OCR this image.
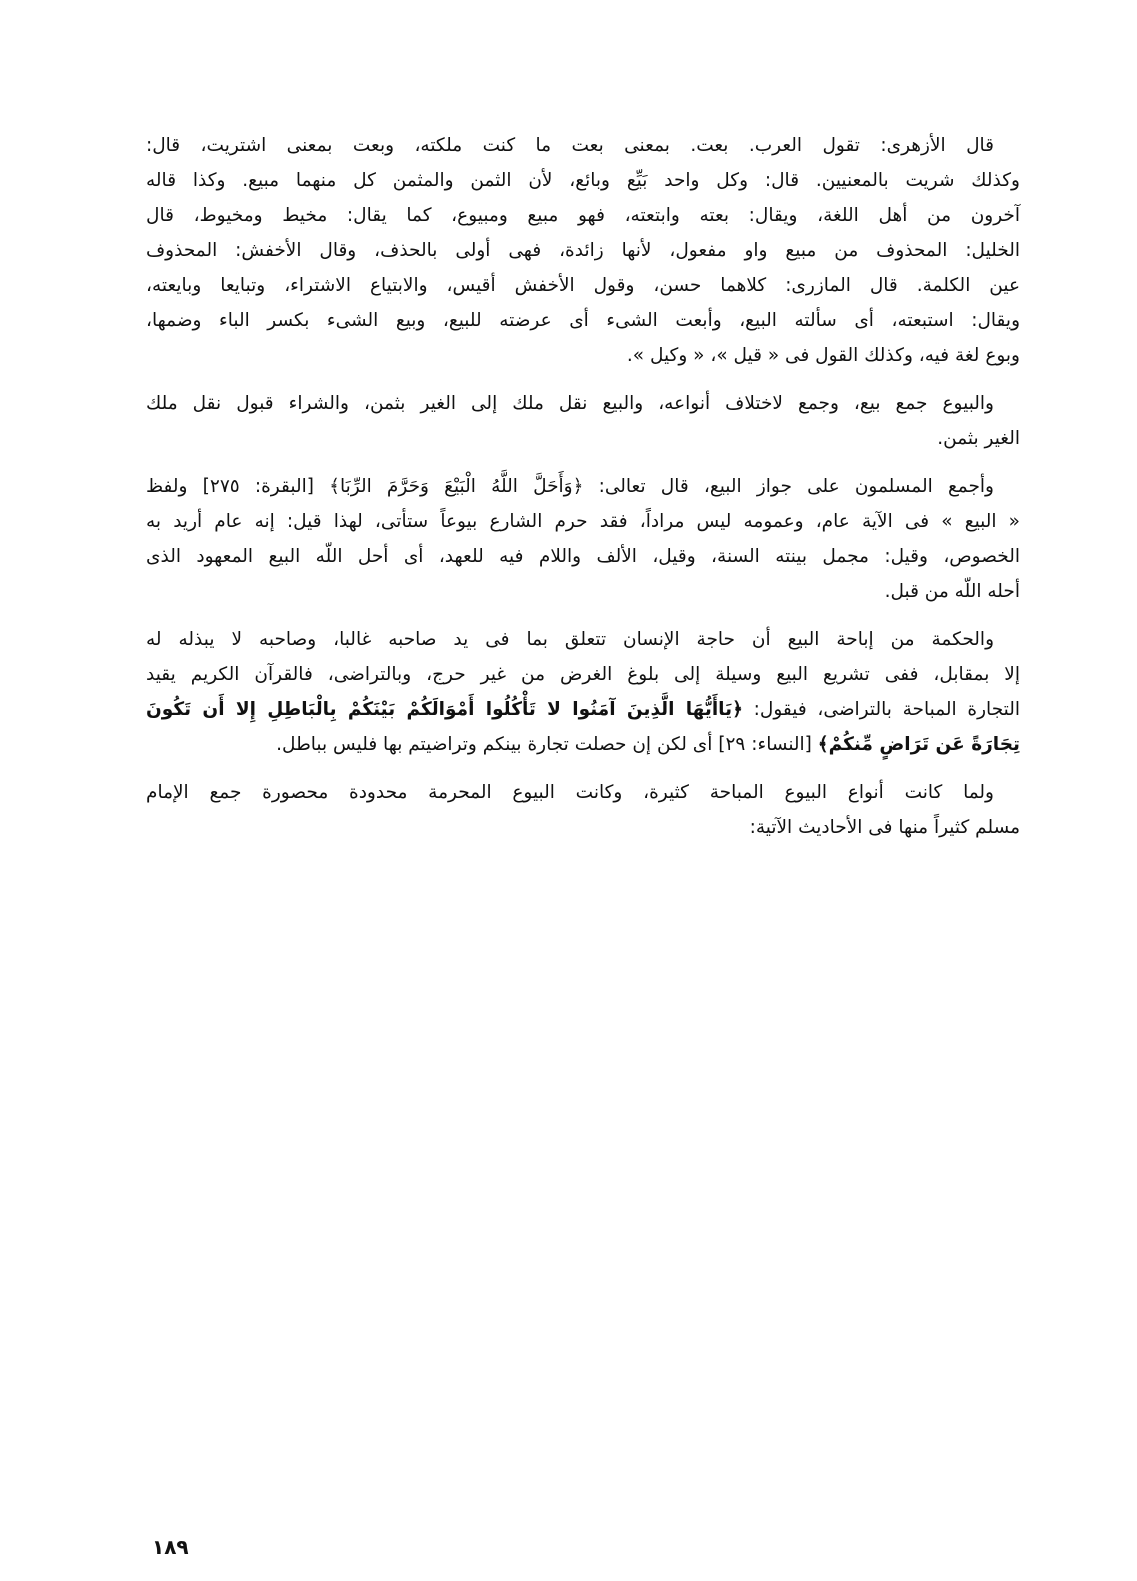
قال الأزهرى: تقول العرب. بعت. بمعنى بعت ما كنت ملكته، وبعت بمعنى اشتريت، قال:
وكذلك شريت بالمعنيين. قال: وكل واحد بَيِّع وبائع، لأن الثمن والمثمن كل منهما مبيع. وكذا قاله
آخرون من أهل اللغة، ويقال: بعته وابتعته، فهو مبيع ومبيوع، كما يقال: مخيط ومخيوط، قال
الخليل: المحذوف من مبيع واو مفعول، لأنها زائدة، فهى أولى بالحذف، وقال الأخفش: المحذوف
عين الكلمة. قال المازرى: كلاهما حسن، وقول الأخفش أقيس، والابتياع الاشتراء، وتبايعا وبايعته،
ويقال: استبعته، أى سألته البيع، وأبعت الشىء أى عرضته للبيع، وبيع الشىء بكسر الباء وضمها،
وبوع لغة فيه، وكذلك القول فى « قيل »، « وكيل ».
والبيوع جمع بيع، وجمع لاختلاف أنواعه، والبيع نقل ملك إلى الغير بثمن، والشراء قبول نقل ملك
الغير بثمن.
وأجمع المسلمون على جواز البيع، قال تعالى: ﴿وَأَحَلَّ اللَّهُ الْبَيْعَ وَحَرَّمَ الرِّبَا﴾ [البقرة: ٢٧٥] ولفظ
« البيع » فى الآية عام، وعمومه ليس مراداً، فقد حرم الشارع بيوعاً ستأتى، لهذا قيل: إنه عام أريد به
الخصوص، وقيل: مجمل بينته السنة، وقيل، الألف واللام فيه للعهد، أى أحل اللّه البيع المعهود الذى
أحله اللّه من قبل.
والحكمة من إباحة البيع أن حاجة الإنسان تتعلق بما فى يد صاحبه غالبا، وصاحبه لا يبذله له
إلا بمقابل، ففى تشريع البيع وسيلة إلى بلوغ الغرض من غير حرج، وبالتراضى، فالقرآن الكريم يقيد
التجارة المباحة بالتراضى، فيقول: ﴿يَاأَيُّهَا الَّذِينَ آمَنُوا لا تَأْكُلُوا أَمْوَالَكُمْ بَيْنَكُمْ بِالْبَاطِلِ إِلا أَن تَكُونَ
تِجَارَةً عَن تَرَاضٍ مِّنكُمْ﴾ [النساء: ٢٩] أى لكن إن حصلت تجارة بينكم وتراضيتم بها فليس بباطل.
ولما كانت أنواع البيوع المباحة كثيرة، وكانت البيوع المحرمة محدودة محصورة جمع الإمام
مسلم كثيراً منها فى الأحاديث الآتية:
١٨٩
